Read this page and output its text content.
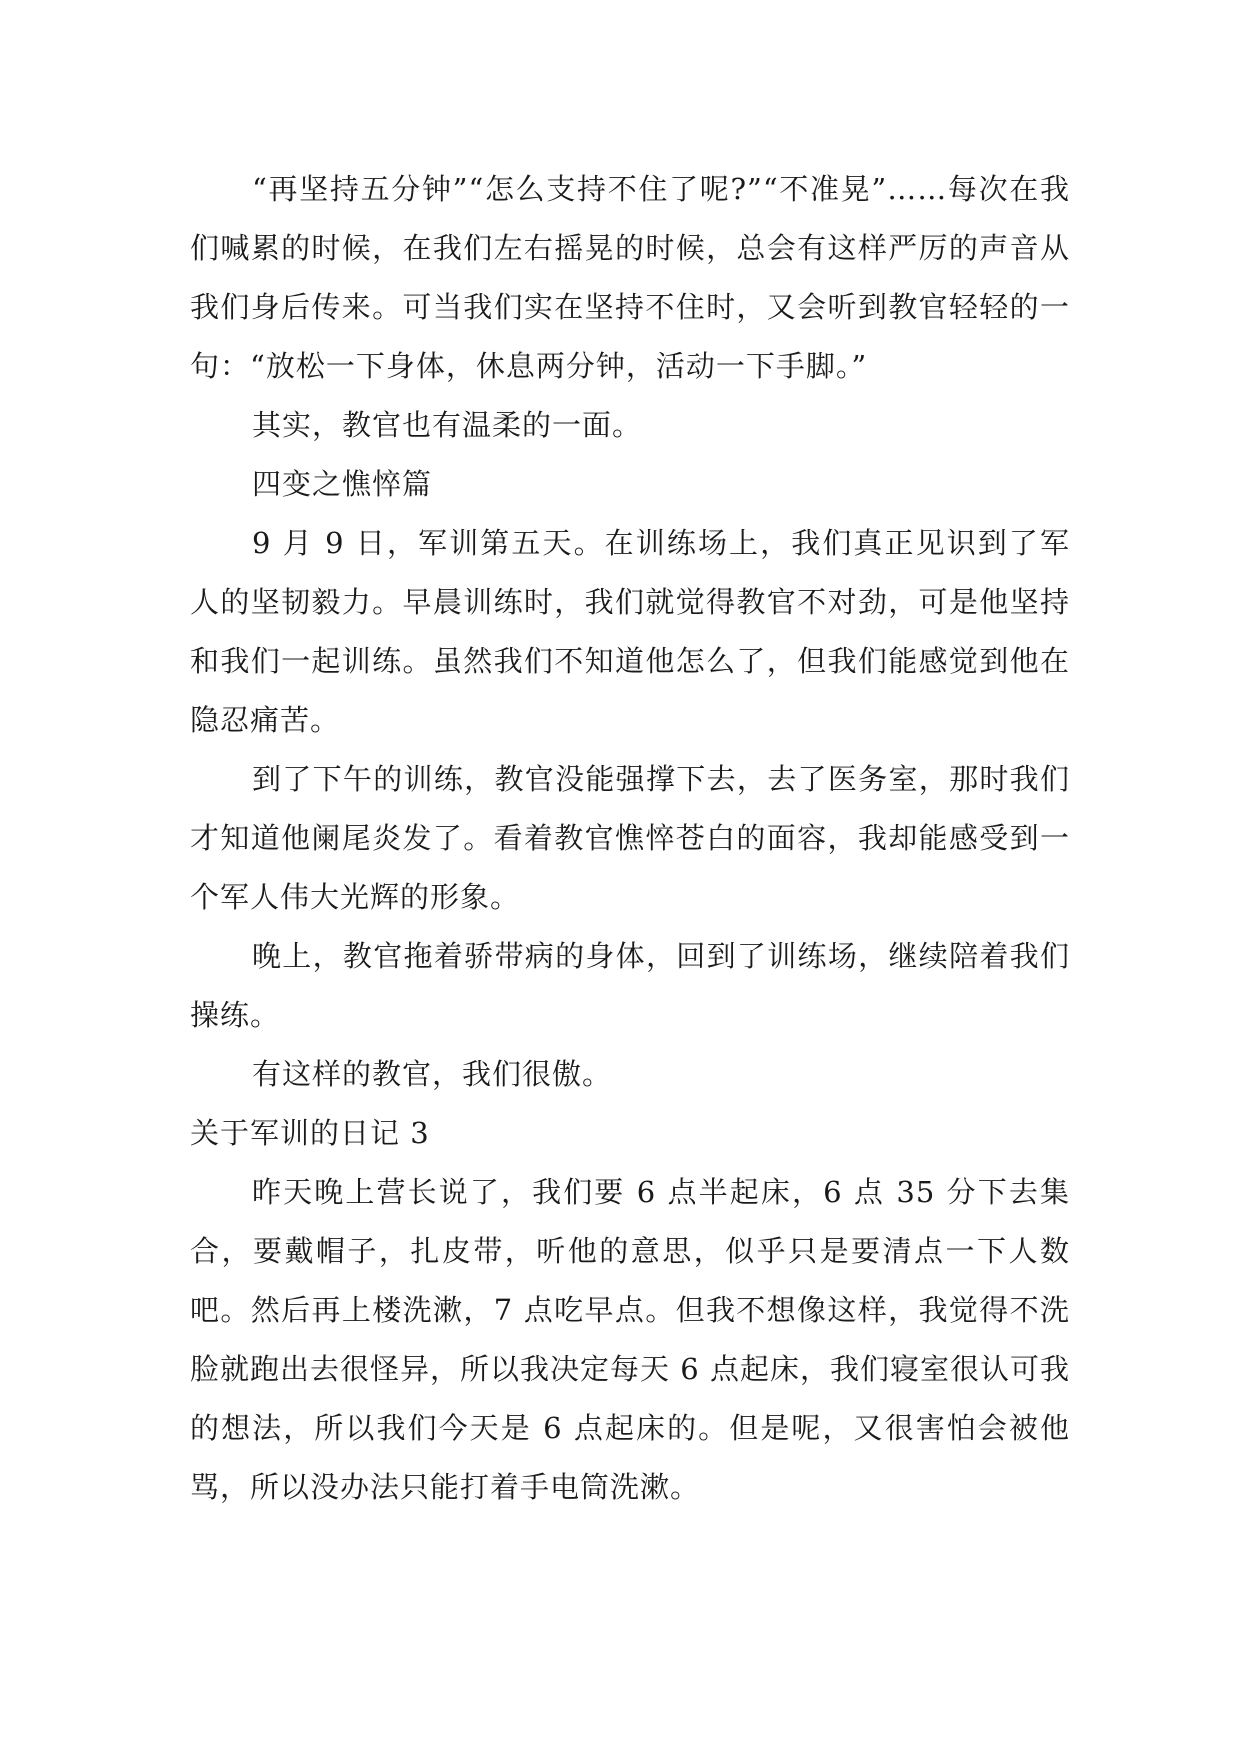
“再坚持五分钟”“怎么支持不住了呢?”“不准晃”……每次在我们喊累的时候，在我们左右摇晃的时候，总会有这样严厉的声音从我们身后传来。可当我们实在坚持不住时，又会听到教官轻轻的一句：“放松一下身体，休息两分钟，活动一下手脚。”

其实，教官也有温柔的一面。

四变之憔悴篇

9 月 9 日，军训第五天。在训练场上，我们真正见识到了军人的坚韧毅力。早晨训练时，我们就觉得教官不对劲，可是他坚持和我们一起训练。虽然我们不知道他怎么了，但我们能感觉到他在隐忍痛苦。

到了下午的训练，教官没能强撑下去，去了医务室，那时我们才知道他阑尾炎发了。看着教官憔悴苍白的面容，我却能感受到一个军人伟大光辉的形象。

晚上，教官拖着骄带病的身体，回到了训练场，继续陪着我们操练。

有这样的教官，我们很傲。

关于军训的日记 3

昨天晚上营长说了，我们要 6 点半起床，6 点 35 分下去集合，要戴帽子，扎皮带，听他的意思，似乎只是要清点一下人数吧。然后再上楼洗漱，7 点吃早点。但我不想像这样，我觉得不洗脸就跑出去很怪异，所以我决定每天 6 点起床，我们寝室很认可我的想法，所以我们今天是 6 点起床的。但是呢，又很害怕会被他骂，所以没办法只能打着手电筒洗漱。
